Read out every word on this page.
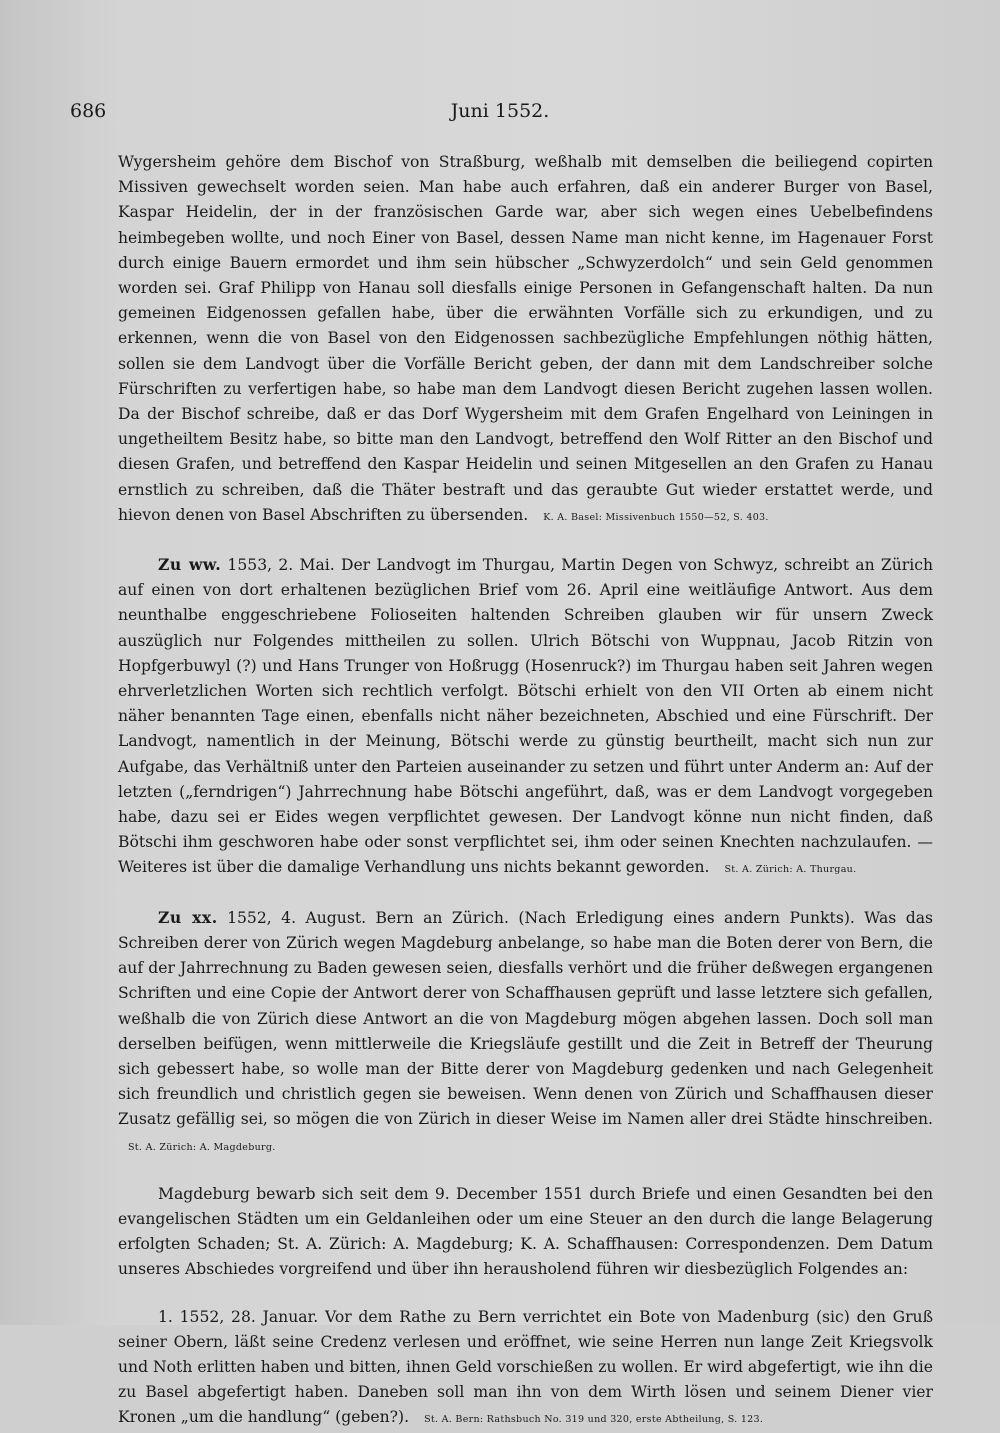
686	Juni 1552.

Wygersheim gehöre dem Bischof von Straßburg, weßhalb mit demselben die beiliegend copirten Missiven gewechselt worden seien. Man habe auch erfahren, daß ein anderer Burger von Basel, Kaspar Heidelin, der in der französischen Garde war, aber sich wegen eines Uebelbefindens heimbegeben wollte, und noch Einer von Basel, dessen Name man nicht kenne, im Hagenauer Forst durch einige Bauern ermordet und ihm sein hübscher „Schwyzerdolch“ und sein Geld genommen worden sei. Graf Philipp von Hanau soll diesfalls einige Personen in Gefangenschaft halten. Da nun gemeinen Eidgenossen gefallen habe, über die erwähnten Vorfälle sich zu erkundigen, und zu erkennen, wenn die von Basel von den Eidgenossen sachbezügliche Empfehlungen nöthig hätten, sollen sie dem Landvogt über die Vorfälle Bericht geben, der dann mit dem Landschreiber solche Fürschriften zu verfertigen habe, so habe man dem Landvogt diesen Bericht zugehen lassen wollen. Da der Bischof schreibe, daß er das Dorf Wygersheim mit dem Grafen Engelhard von Leiningen in ungetheiltem Besitz habe, so bitte man den Landvogt, betreffend den Wolf Ritter an den Bischof und diesen Grafen, und betreffend den Kaspar Heidelin und seinen Mitgesellen an den Grafen zu Hanau ernstlich zu schreiben, daß die Thäter bestraft und das geraubte Gut wieder erstattet werde, und hievon denen von Basel Abschriften zu übersenden. K. A. Basel: Missivenbuch 1550—52, S. 403.

Zu ww. 1553, 2. Mai. Der Landvogt im Thurgau, Martin Degen von Schwyz, schreibt an Zürich auf einen von dort erhaltenen bezüglichen Brief vom 26. April eine weitläufige Antwort. Aus dem neunthalbe enggeschriebene Folioseiten haltenden Schreiben glauben wir für unsern Zweck auszüglich nur Folgendes mittheilen zu sollen. Ulrich Bötschi von Wuppnau, Jacob Ritzin von Hopfgerbuwyl (?) und Hans Trunger von Hoßrugg (Hosenruck?) im Thurgau haben seit Jahren wegen ehrverletzlichen Worten sich rechtlich verfolgt. Bötschi erhielt von den VII Orten ab einem nicht näher benannten Tage einen, ebenfalls nicht näher bezeichneten, Abschied und eine Fürschrift. Der Landvogt, namentlich in der Meinung, Bötschi werde zu günstig beurtheilt, macht sich nun zur Aufgabe, das Verhältniß unter den Parteien auseinander zu setzen und führt unter Anderm an: Auf der letzten („ferndrigen“) Jahrrechnung habe Bötschi angeführt, daß, was er dem Landvogt vorgegeben habe, dazu sei er Eides wegen verpflichtet gewesen. Der Landvogt könne nun nicht finden, daß Bötschi ihm geschworen habe oder sonst verpflichtet sei, ihm oder seinen Knechten nachzulaufen. — Weiteres ist über die damalige Verhandlung uns nichts bekannt geworden. St. A. Zürich: A. Thurgau.

Zu xx. 1552, 4. August. Bern an Zürich. (Nach Erledigung eines andern Punkts). Was das Schreiben derer von Zürich wegen Magdeburg anbelange, so habe man die Boten derer von Bern, die auf der Jahrrechnung zu Baden gewesen seien, diesfalls verhört und die früher deßwegen ergangenen Schriften und eine Copie der Antwort derer von Schaffhausen geprüft und lasse letztere sich gefallen, weßhalb die von Zürich diese Antwort an die von Magdeburg mögen abgehen lassen. Doch soll man derselben beifügen, wenn mittlerweile die Kriegsläufe gestillt und die Zeit in Betreff der Theurung sich gebessert habe, so wolle man der Bitte derer von Magdeburg gedenken und nach Gelegenheit sich freundlich und christlich gegen sie beweisen. Wenn denen von Zürich und Schaffhausen dieser Zusatz gefällig sei, so mögen die von Zürich in dieser Weise im Namen aller drei Städte hinschreiben. St. A. Zürich: A. Magdeburg.

Magdeburg bewarb sich seit dem 9. December 1551 durch Briefe und einen Gesandten bei den evangelischen Städten um ein Geldanleihen oder um eine Steuer an den durch die lange Belagerung erfolgten Schaden; St. A. Zürich: A. Magdeburg; K. A. Schaffhausen: Correspondenzen. Dem Datum unseres Abschiedes vorgreifend und über ihn herausholend führen wir diesbezüglich Folgendes an:

1. 1552, 28. Januar. Vor dem Rathe zu Bern verrichtet ein Bote von Madenburg (sic) den Gruß seiner Obern, läßt seine Credenz verlesen und eröffnet, wie seine Herren nun lange Zeit Kriegsvolk und Noth erlitten haben und bitten, ihnen Geld vorschießen zu wollen. Er wird abgefertigt, wie ihn die zu Basel abgefertigt haben. Daneben soll man ihn von dem Wirth lösen und seinem Diener vier Kronen „um die handlung“ (geben?). St. A. Bern: Rathsbuch No. 319 und 320, erste Abtheilung, S. 123.
